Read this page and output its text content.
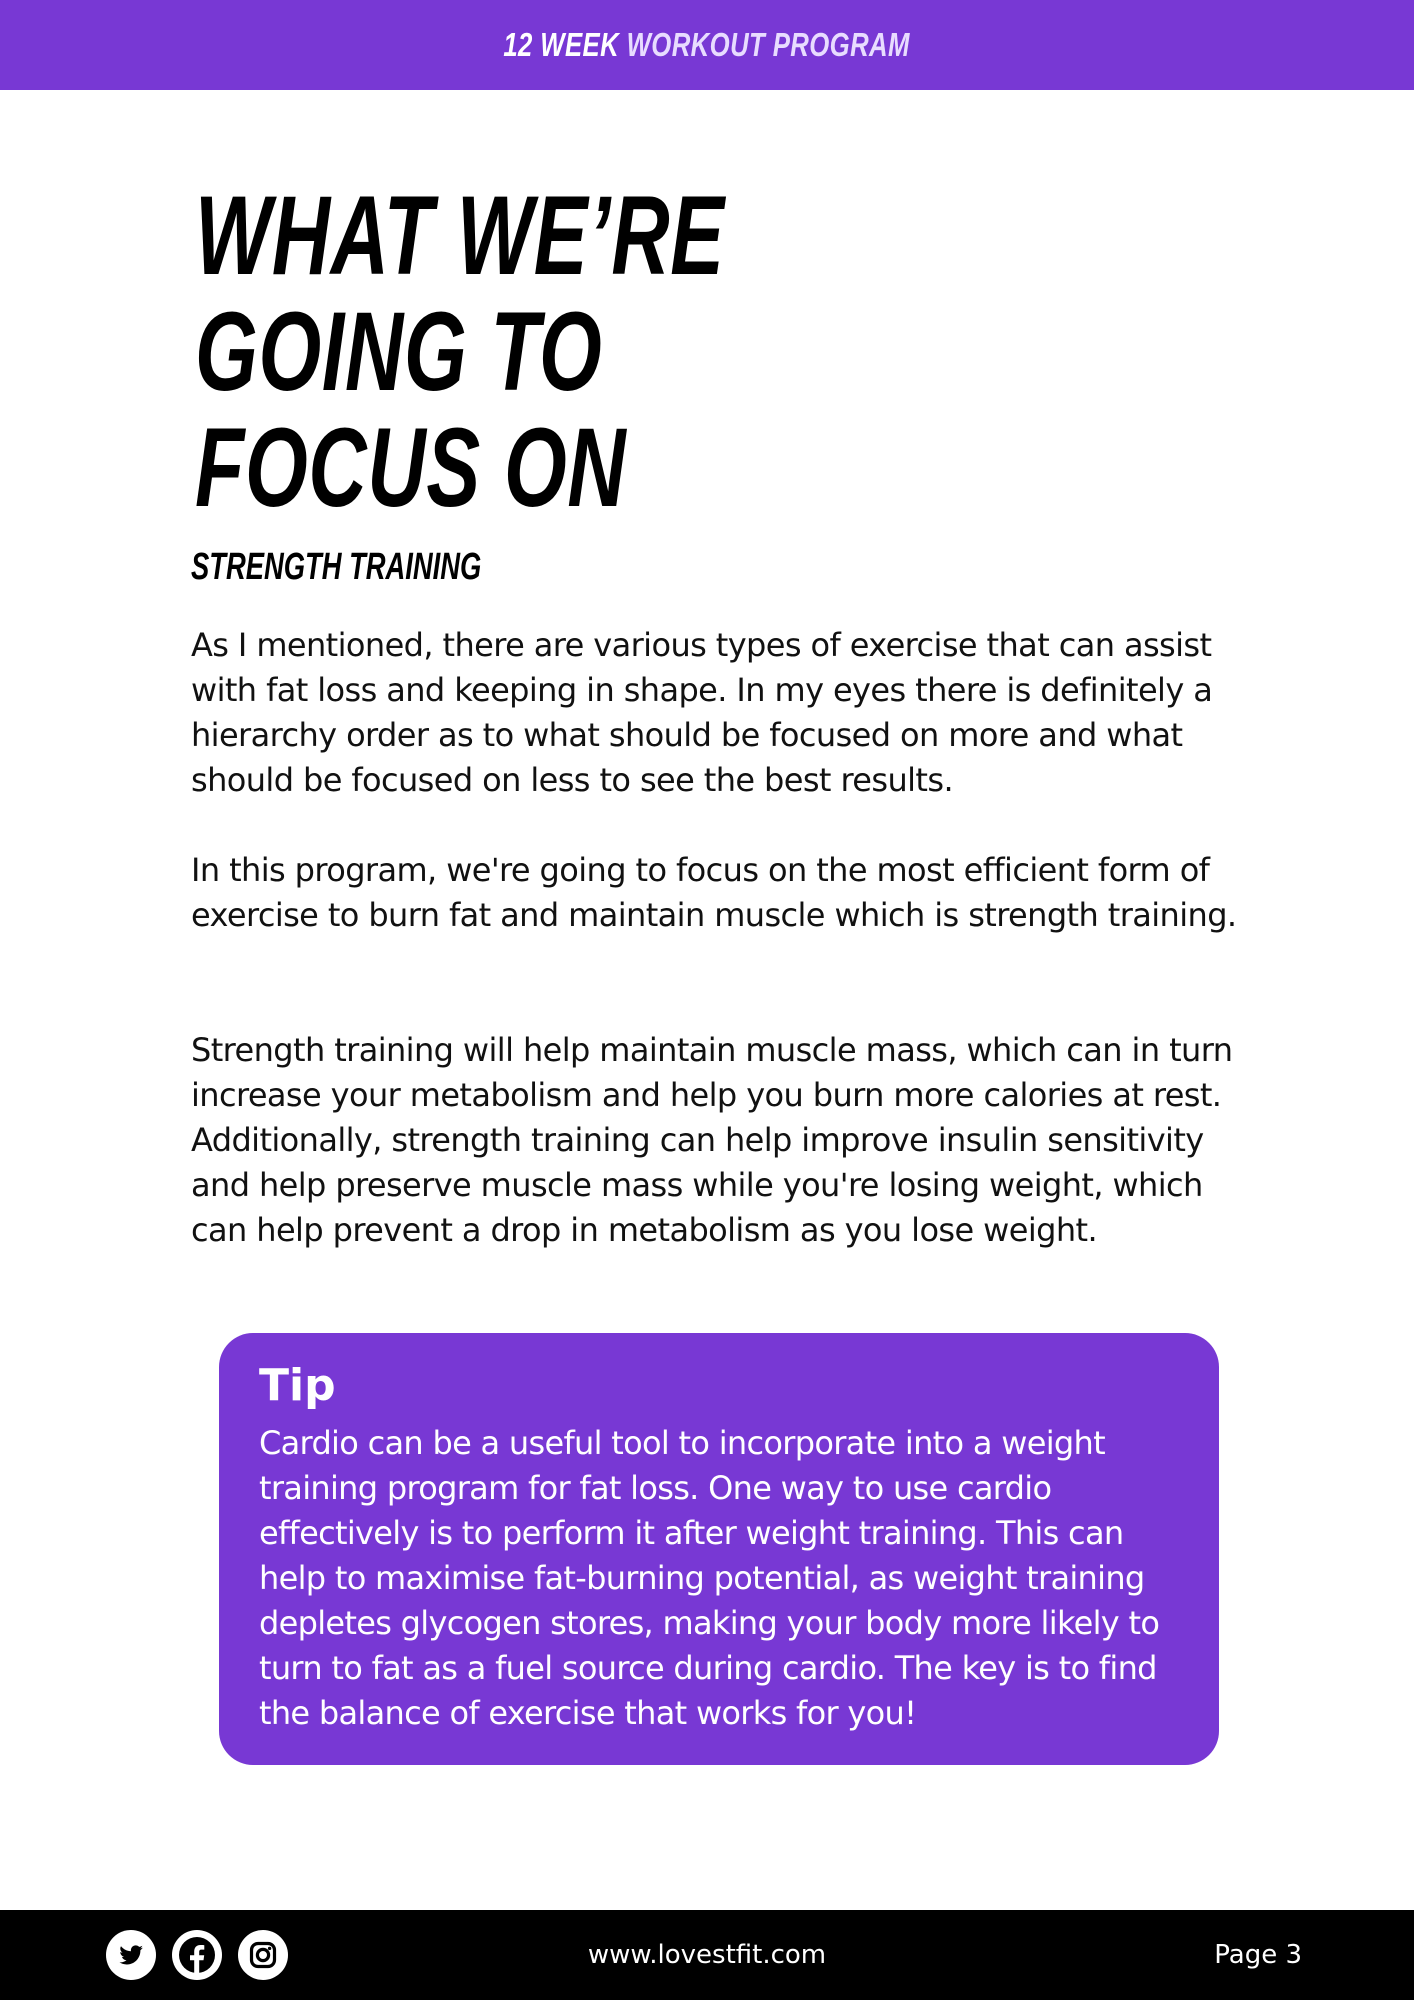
12 WEEK WORKOUT PROGRAM
WHAT WE’RE GOING TO
FOCUS ON
STRENGTH TRAINING

As I mentioned, there are various types of exercise that can assist with fat loss and keeping in shape. In my eyes there is definitely a hierarchy order as to what should be focused on more and what should be focused on less to see the best results.

In this program, we're going to focus on the most efficient form of exercise to burn fat and maintain muscle which is strength training.

Strength training will help maintain muscle mass, which can in turn increase your metabolism and help you burn more calories at rest. Additionally, strength training can help improve insulin sensitivity and help preserve muscle mass while you're losing weight, which can help prevent a drop in metabolism as you lose weight.

Tip

Cardio can be a useful tool to incorporate into a weight training program for fat loss. One way to use cardio effectively is to perform it after weight training. This can help to maximise fat-burning potential, as weight training depletes glycogen stores, making your body more likely to turn to fat as a fuel source during cardio. The key is to find the balance of exercise that works for you!

www.lovestfit.com	Page 3
